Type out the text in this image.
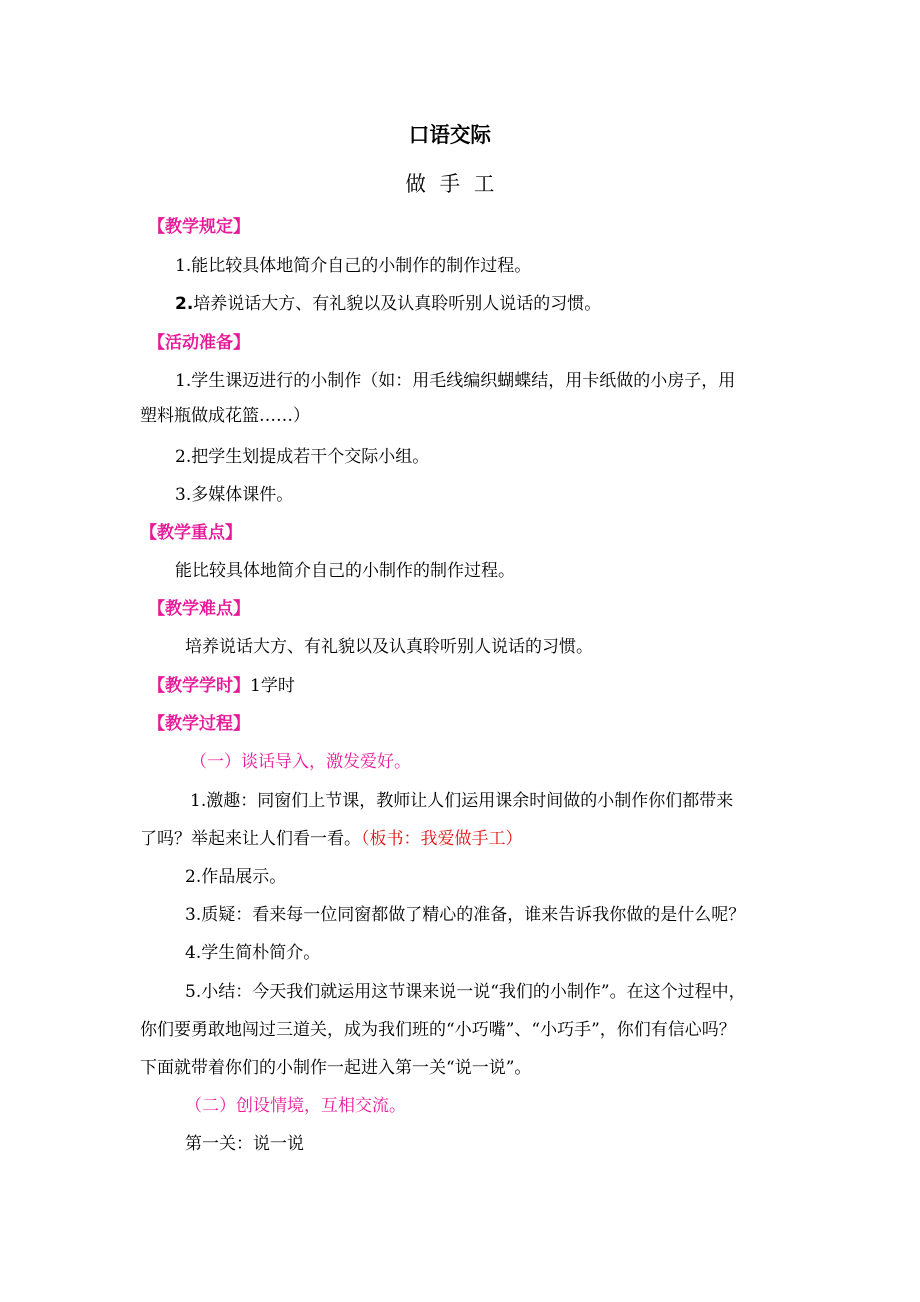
口语交际
做手工
【教学规定】
1.能比较具体地简介自己的小制作的制作过程。
2.培养说话大方、有礼貌以及认真聆听别人说话的习惯。
【活动准备】
1.学生课迈进行的小制作（如：用毛线编织蝴蝶结，用卡纸做的小房子，用
塑料瓶做成花篮……）
2.把学生划提成若干个交际小组。
3.多媒体课件。
【教学重点】
能比较具体地简介自己的小制作的制作过程。
【教学难点】
培养说话大方、有礼貌以及认真聆听别人说话的习惯。
【教学学时】1学时
【教学过程】
（一）谈话导入，激发爱好。
1.激趣：同窗们上节课，教师让人们运用课余时间做的小制作你们都带来
了吗？举起来让人们看一看。（板书：我爱做手工）
2.作品展示。
3.质疑：看来每一位同窗都做了精心的准备，谁来告诉我你做的是什么呢？
4.学生简朴简介。
5.小结：今天我们就运用这节课来说一说“我们的小制作”。在这个过程中，
你们要勇敢地闯过三道关，成为我们班的“小巧嘴”、“小巧手”，你们有信心吗？
下面就带着你们的小制作一起进入第一关“说一说”。
（二）创设情境，互相交流。
第一关：说一说
